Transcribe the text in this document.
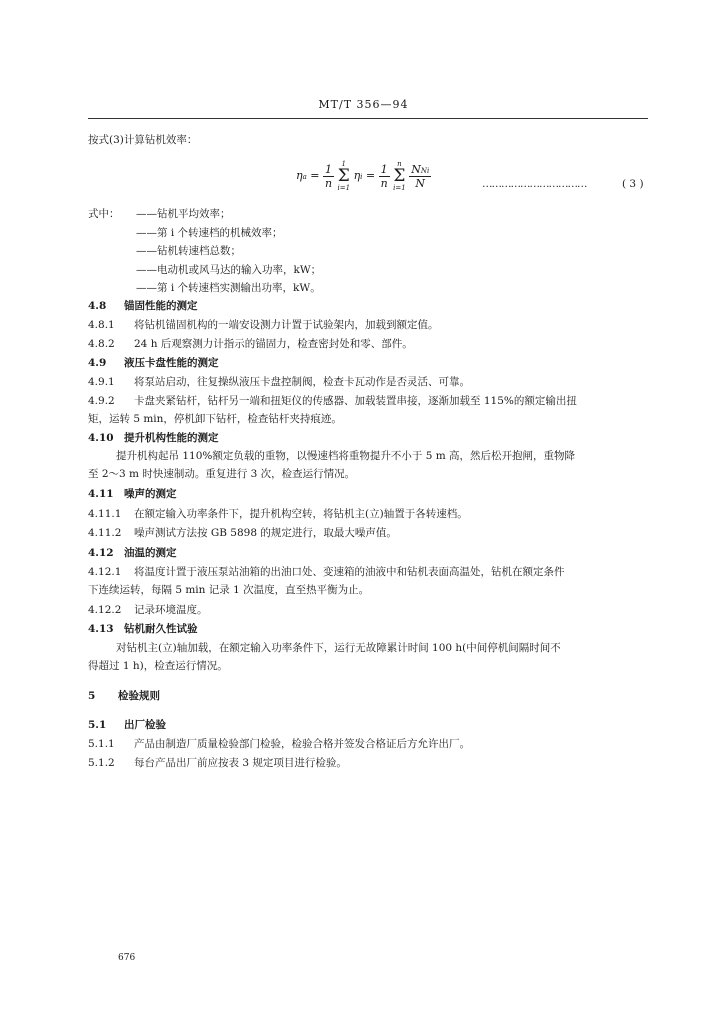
MT/T 356—94
按式(3)计算钻机效率：
$\eta a = \frac{1}{n}$
	1
Σ
i=1
$\eta i = \frac{1}{n}$
	n
Σ
i=1
$\frac{\text{NNi}}{N}$	……………………………	( 3 )
式中： ——钻机平均效率；
——第 i 个转速档的机械效率；
——钻机转速档总数；
——电动机或风马达的输入功率，kW；
——第 i 个转速档实测输出功率，kW。
4.8 锚固性能的测定
4.8.1 将钻机锚固机构的一端安设测力计置于试验架内，加载到额定值。
4.8.2 24 h 后观察测力计指示的锚固力，检查密封处和零、部件。
4.9 液压卡盘性能的测定
4.9.1 将泵站启动，往复操纵液压卡盘控制阀，检查卡瓦动作是否灵活、可靠。
4.9.2 卡盘夹紧钻杆，钻杆另一端和扭矩仪的传感器、加载装置串接，逐渐加载至 115%的额定输出扭
矩，运转 5 min，停机卸下钻杆，检查钻杆夹持痕迹。
4.10 提升机构性能的测定
提升机构起吊 110%额定负载的重物，以慢速档将重物提升不小于 5 m 高，然后松开抱闸，重物降
至 2～3 m 时快速制动。重复进行 3 次，检查运行情况。
4.11 噪声的测定
4.11.1 在额定输入功率条件下，提升机构空转，将钻机主(立)轴置于各转速档。
4.11.2 噪声测试方法按 GB 5898 的规定进行，取最大噪声值。
4.12 油温的测定
4.12.1 将温度计置于液压泵站油箱的出油口处、变速箱的油液中和钻机表面高温处，钻机在额定条件
下连续运转，每隔 5 min 记录 1 次温度，直至热平衡为止。
4.12.2 记录环境温度。
4.13 钻机耐久性试验
对钻机主(立)轴加载，在额定输入功率条件下，运行无故障累计时间 100 h(中间停机间隔时间不
得超过 1 h)，检查运行情况。
5 检验规则
5.1 出厂检验
5.1.1 产品由制造厂质量检验部门检验，检验合格并签发合格证后方允许出厂。
5.1.2 每台产品出厂前应按表 3 规定项目进行检验。
676
